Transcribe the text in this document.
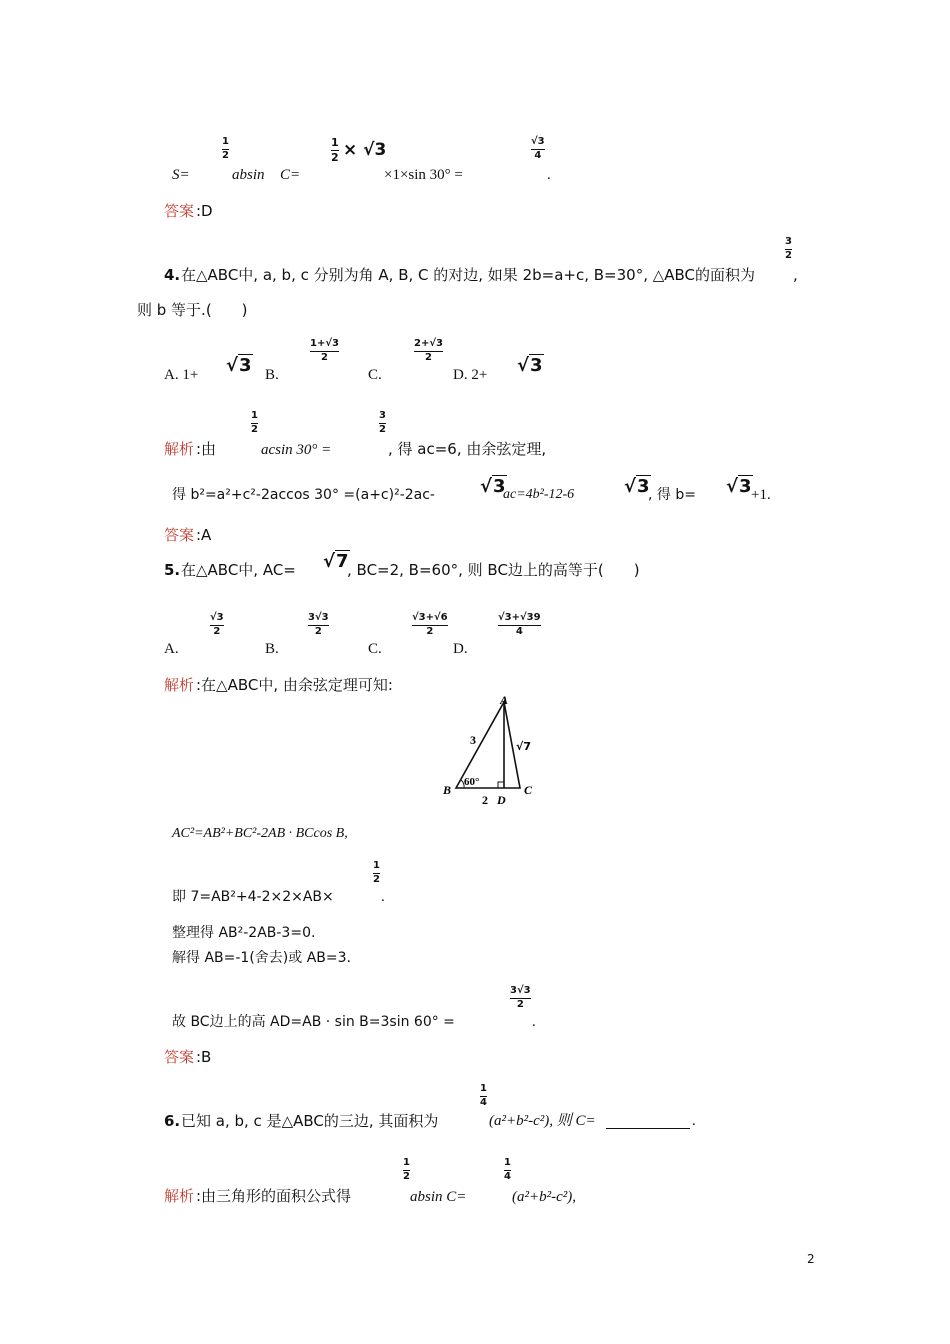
S=
1
2
absin C=
1
2 × √3
×1×sin 30° =
√3
4
.
答案 :D
4. 在△ABC中, a, b, c 分别为角 A, B, C 的对边, 如果 2b=a+c, B=30°, △ABC的面积为
3
2
,
则 b 等于.(　　)
A. 1+ √3 B.
1+√3
2
C.
2+√3
2
D. 2+ √3
解析 :由
1
2
acsin 30° =
3
2
, 得 ac=6, 由余弦定理,
得 b²=a²+c²-2accos 30° =(a+c)²-2ac-	√3
ac=4b²-12-6	√3
, 得 b= √3 +1.
答案 :A
5. 在△ABC中, AC= √7
, BC=2, B=60°, 则 BC边上的高等于(　　)
A.
√3
2
B.
3√3
2
C.
√3+√6
2
D.
√3+√39
4
解析 :在△ABC中, 由余弦定理可知:
A
B	C
D
3	√7
2
60°
AC²=AB²+BC²-2AB · BCcos B,
即 7=AB²+4-2×2×AB×
1
2
.
整理得 AB²-2AB-3=0.
解得 AB=-1(舍去)或 AB=3.
故 BC边上的高 AD=AB · sin B=3sin 60° =
3√3
2
.
答案 :B
6. 已知 a, b, c 是△ABC的三边, 其面积为
1
4
(a²+b²-c²), 则 C=	.
解析 :由三角形的面积公式得
1
2
absin C=
1
4
(a²+b²-c²),
2
